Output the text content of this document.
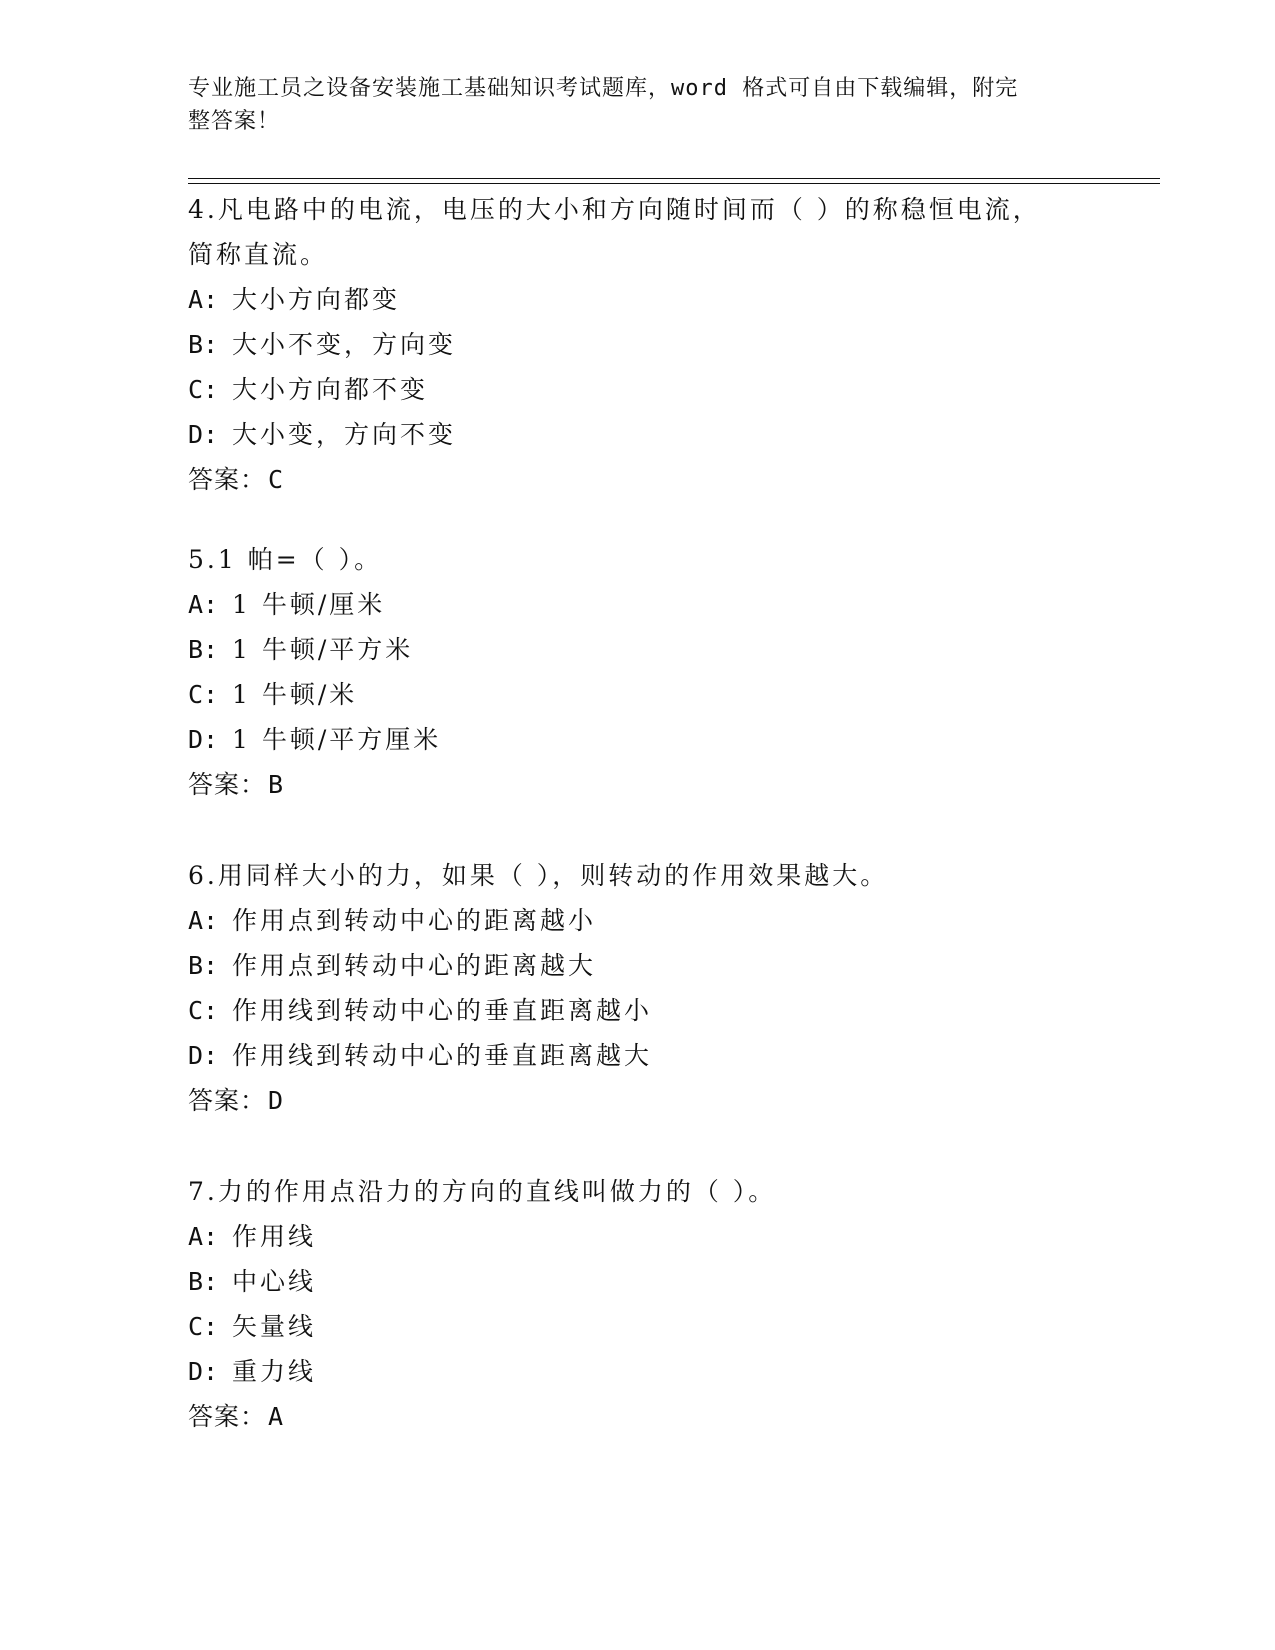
专业施工员之设备安装施工基础知识考试题库，word 格式可自由下载编辑，附完
整答案！
4.凡电路中的电流，电压的大小和方向随时间而（ ）的称稳恒电流，
简称直流。
A: 大小方向都变
B: 大小不变，方向变
C: 大小方向都不变
D: 大小变，方向不变
答案：C
5.1 帕=（ ）。
A: 1 牛顿/厘米
B: 1 牛顿/平方米
C: 1 牛顿/米
D: 1 牛顿/平方厘米
答案：B
6.用同样大小的力，如果（ ），则转动的作用效果越大。
A: 作用点到转动中心的距离越小
B: 作用点到转动中心的距离越大
C: 作用线到转动中心的垂直距离越小
D: 作用线到转动中心的垂直距离越大
答案：D
7.力的作用点沿力的方向的直线叫做力的（ ）。
A: 作用线
B: 中心线
C: 矢量线
D: 重力线
答案：A
